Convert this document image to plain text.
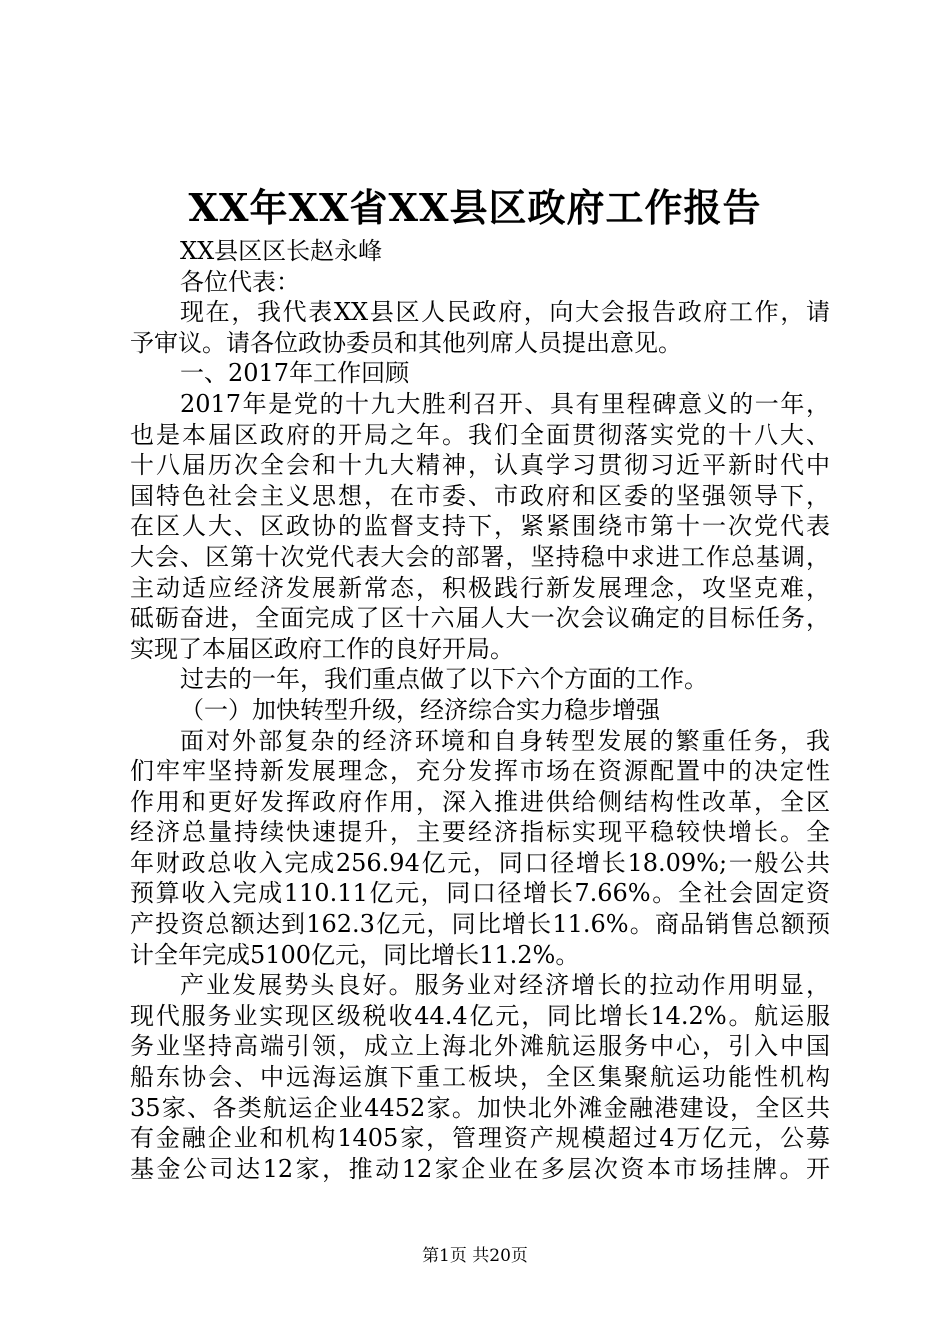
XX年XX省XX县区政府工作报告
XX县区区长赵永峰
各位代表：
现在，我代表XX县区人民政府，向大会报告政府工作，请
予审议。请各位政协委员和其他列席人员提出意见。
一、2017年工作回顾
2017年是党的十九大胜利召开、具有里程碑意义的一年，
也是本届区政府的开局之年。我们全面贯彻落实党的十八大、
十八届历次全会和十九大精神，认真学习贯彻习近平新时代中
国特色社会主义思想，在市委、市政府和区委的坚强领导下，
在区人大、区政协的监督支持下，紧紧围绕市第十一次党代表
大会、区第十次党代表大会的部署，坚持稳中求进工作总基调，
主动适应经济发展新常态，积极践行新发展理念，攻坚克难，
砥砺奋进，全面完成了区十六届人大一次会议确定的目标任务，
实现了本届区政府工作的良好开局。
过去的一年，我们重点做了以下六个方面的工作。
（一）加快转型升级，经济综合实力稳步增强
面对外部复杂的经济环境和自身转型发展的繁重任务，我
们牢牢坚持新发展理念，充分发挥市场在资源配置中的决定性
作用和更好发挥政府作用，深入推进供给侧结构性改革，全区
经济总量持续快速提升，主要经济指标实现平稳较快增长。全
年财政总收入完成256.94亿元，同口径增长18.09%;一般公共
预算收入完成110.11亿元，同口径增长7.66%。全社会固定资
产投资总额达到162.3亿元，同比增长11.6%。商品销售总额预
计全年完成5100亿元，同比增长11.2%。
产业发展势头良好。服务业对经济增长的拉动作用明显，
现代服务业实现区级税收44.4亿元，同比增长14.2%。航运服
务业坚持高端引领，成立上海北外滩航运服务中心，引入中国
船东协会、中远海运旗下重工板块，全区集聚航运功能性机构
35家、各类航运企业4452家。加快北外滩金融港建设，全区共
有金融企业和机构1405家，管理资产规模超过4万亿元，公募
基金公司达12家，推动12家企业在多层次资本市场挂牌。开
第1页 共20页
